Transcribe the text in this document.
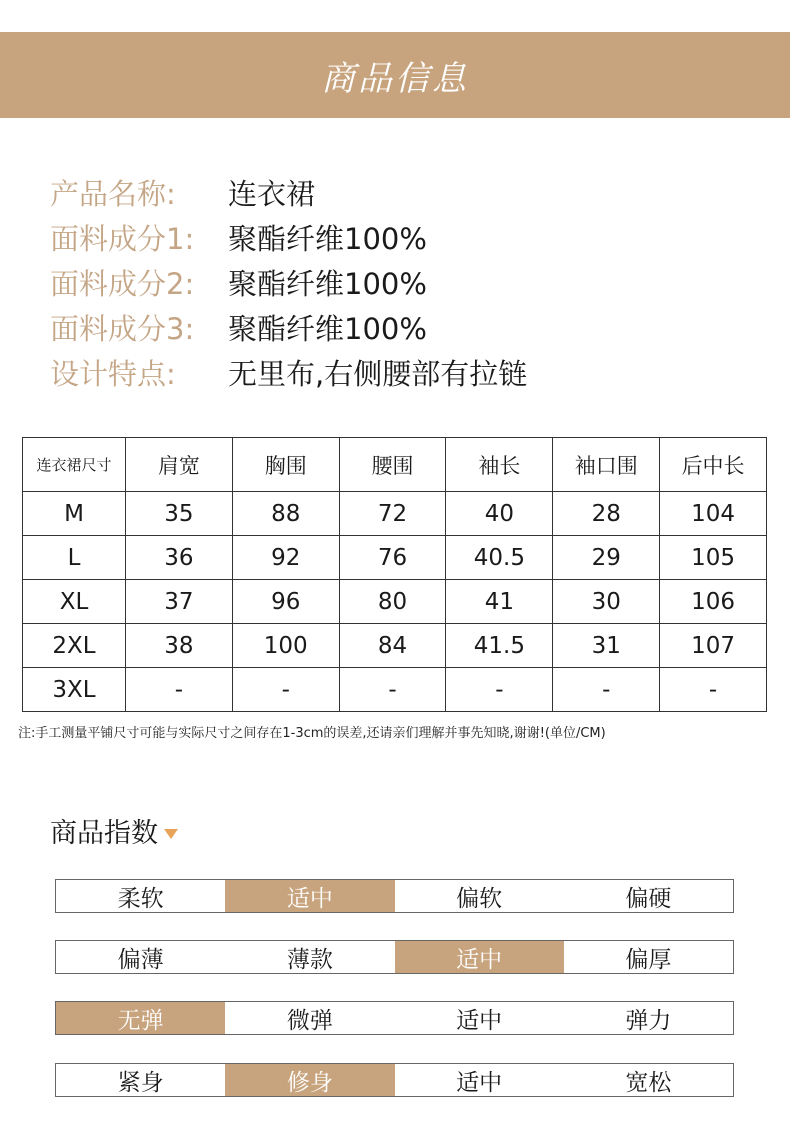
商品信息
产品名称:	连衣裙
面料成分1:	聚酯纤维100%
面料成分2:	聚酯纤维100%
面料成分3:	聚酯纤维100%
设计特点:	无里布,右侧腰部有拉链
连衣裙尺寸	肩宽	胸围	腰围	袖长	袖口围	后中长
M	35	88	72	40	28	104
L	36	92	76	40.5	29	105
XL	37	96	80	41	30	106
2XL	38	100	84	41.5	31	107
3XL	-	-	-	-	-	-
注:手工测量平铺尺寸可能与实际尺寸之间存在1-3cm的误差,还请亲们理解并事先知晓,谢谢!(单位/CM)
商品指数
柔软	适中	偏软	偏硬
偏薄	薄款	适中	偏厚
无弹	微弹	适中	弹力
紧身	修身	适中	宽松
